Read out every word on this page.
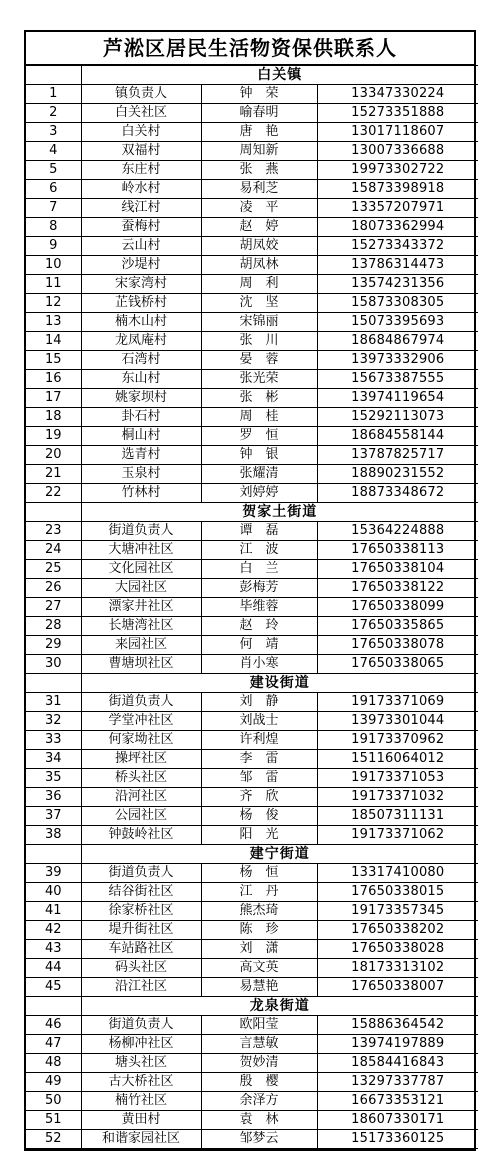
芦淞区居民生活物资保供联系人
	白关镇		
1	镇负责人	钟　荣	13347330224
2	白关社区	喻春明	15273351888
3	白关村	唐　艳	13017118607
4	双福村	周知新	13007336688
5	东庄村	张　燕	19973302722
6	岭水村	易利芝	15873398918
7	线江村	凌　平	13357207971
8	蚕梅村	赵　婷	18073362994
9	云山村	胡凤姣	15273343372
10	沙堤村	胡凤林	13786314473
11	宋家湾村	周　利	13574231356
12	芷钱桥村	沈　坚	15873308305
13	楠木山村	宋锦丽	15073395693
14	龙凤庵村	张　川	18684867974
15	石湾村	晏　蓉	13973332906
16	东山村	张光荣	15673387555
17	姚家坝村	张　彬	13974119654
18	卦石村	周　桂	15292113073
19	桐山村	罗　恒	18684558144
20	选青村	钟　银	13787825717
21	玉泉村	张耀清	18890231552
22	竹林村	刘婷婷	18873348672
	贺家土街道		
23	街道负责人	谭　磊	15364224888
24	大塘冲社区	江　波	17650338113
25	文化园社区	白　兰	17650338104
26	大园社区	彭梅芳	17650338122
27	漂家井社区	毕维蓉	17650338099
28	长塘湾社区	赵　玲	17650335865
29	来园社区	何　靖	17650338078
30	曹塘坝社区	肖小寒	17650338065
	建设街道		
31	街道负责人	刘　静	19173371069
32	学堂冲社区	刘战士	13973301044
33	何家坳社区	许利煌	19173370962
34	操坪社区	李　雷	15116064012
35	桥头社区	邹　雷	19173371053
36	沿河社区	齐　欣	19173371032
37	公园社区	杨　俊	18507311131
38	钟鼓岭社区	阳　光	19173371062
	建宁街道		
39	街道负责人	杨　恒	13317410080
40	结谷街社区	江　丹	17650338015
41	徐家桥社区	熊杰琦	19173357345
42	堤升街社区	陈　珍	17650338202
43	车站路社区	刘　潇	17650338028
44	码头社区	高文英	18173313102
45	沿江社区	易慧艳	17650338007
	龙泉街道		
46	街道负责人	欧阳莹	15886364542
47	杨柳冲社区	言慧敏	13974197889
48	塘头社区	贺妙清	18584416843
49	古大桥社区	殷　樱	13297337787
50	楠竹社区	余泽方	16673353121
51	黄田村	袁　林	18607330171
52	和谐家园社区	邹梦云	15173360125
